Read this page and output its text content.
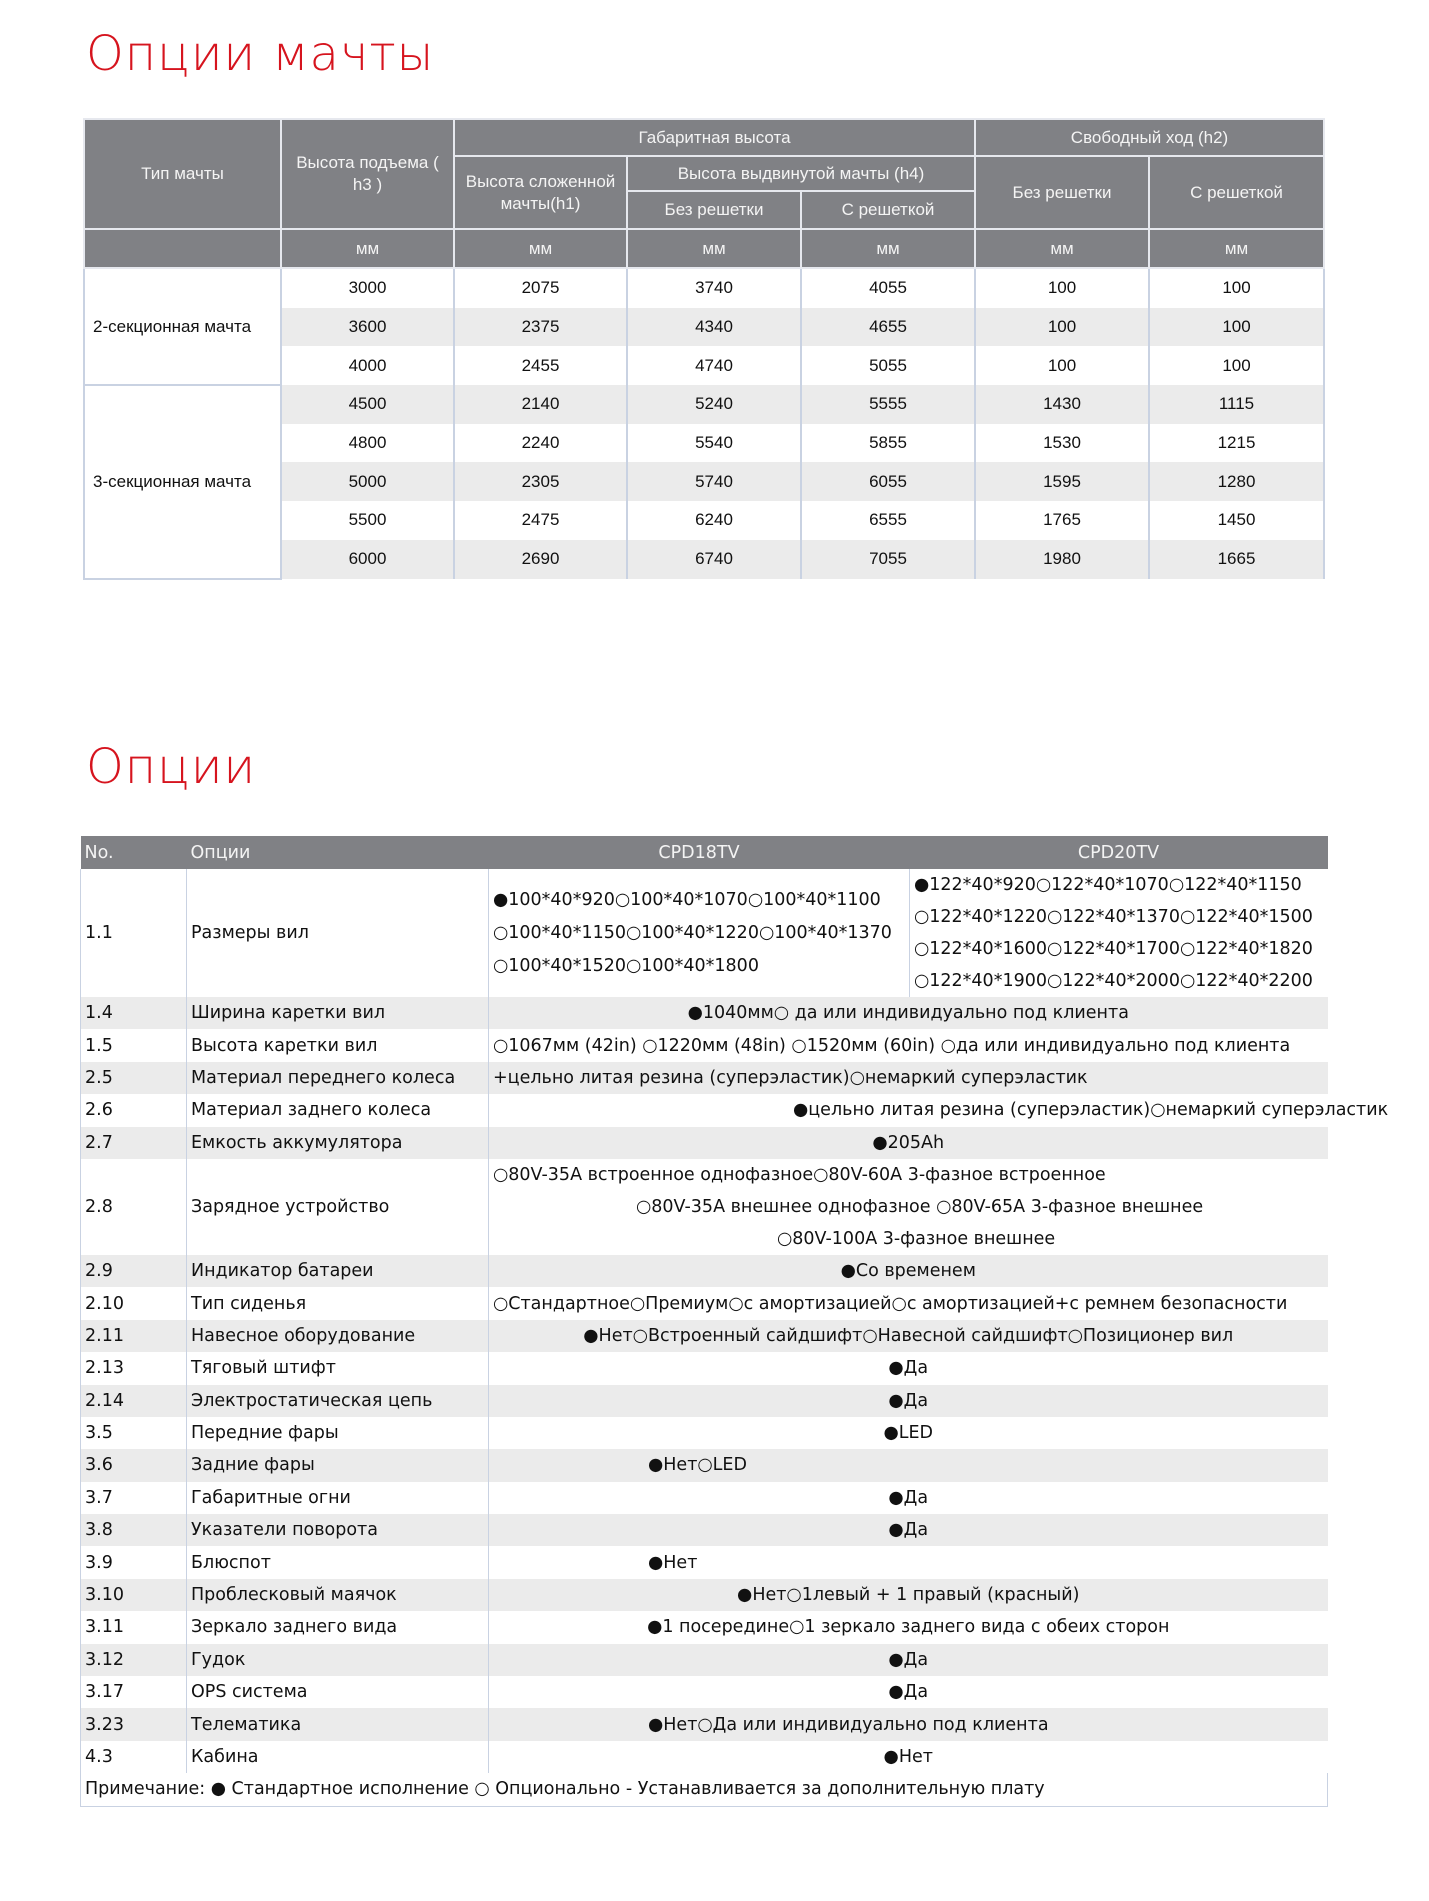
Опции мачты
Тип мачты	Высота подъема ( h3 )	Габаритная высота			Свободный ход (h2)	
		Высота сложенной мачты(h1)	Высота выдвинутой мачты (h4)		Без решетки	С решеткой
			Без решетки	С решеткой		
	мм	мм	мм	мм	мм	мм
2-секционная мачта	3000	2075	3740	4055	100	100
	3600	2375	4340	4655	100	100
	4000	2455	4740	5055	100	100
3-секционная мачта	4500	2140	5240	5555	1430	1115
	4800	2240	5540	5855	1530	1215
	5000	2305	5740	6055	1595	1280
	5500	2475	6240	6555	1765	1450
	6000	2690	6740	7055	1980	1665
Опции
No.	Опции	CPD18TV	CPD20TV
1.1	Размеры вил	●100*40*920○100*40*1070○100*40*1100
○100*40*1150○100*40*1220○100*40*1370
○100*40*1520○100*40*1800	●122*40*920○122*40*1070○122*40*1150
○122*40*1220○122*40*1370○122*40*1500
○122*40*1600○122*40*1700○122*40*1820
○122*40*1900○122*40*2000○122*40*2200

1.4	Ширина каретки вил	●1040мм○ да или индивидуально под клиента	
1.5	Высота каретки вил	○1067мм (42in) ○1220мм (48in) ○1520мм (60in) ○да или индивидуально под клиента	
2.5	Материал переднего колеса	+цельно литая резина (суперэластик)○немаркий суперэластик	
2.6	Материал заднего колеса	●цельно литая резина (суперэластик)○немаркий суперэластик	
2.7	Емкость аккумулятора	●205Ah	
2.8	Зарядное устройство	○80V-35A встроенное однофазное○80V-60A 3-фазное встроенное
○80V-35A внешнее однофазное ○80V-65A 3-фазное внешнее
○80V-100A 3-фазное внешнее	

2.9	Индикатор батареи	●Со временем	
2.10	Тип сиденья	○Стандартное○Премиум○с амортизацией○с амортизацией+с ремнем безопасности	
2.11	Навесное оборудование	●Нет○Встроенный сайдшифт○Навесной сайдшифт○Позиционер вил	
2.13	Тяговый штифт	●Да	
2.14	Электростатическая цепь	●Да	
3.5	Передние фары	●LED	
3.6	Задние фары	●Нет○LED	
3.7	Габаритные огни	●Да	
3.8	Указатели поворота	●Да	
3.9	Блюспот	●Нет	
3.10	Проблесковый маячок	●Нет○1левый + 1 правый (красный)	
3.11	Зеркало заднего вида	●1 посередине○1 зеркало заднего вида с обеих сторон	
3.12	Гудок	●Да	
3.17	OPS система	●Да	
3.23	Телематика	●Нет○Да или индивидуально под клиента	
4.3	Кабина	●Нет	
Примечание: ● Стандартное исполнение ○ Опционально - Устанавливается за дополнительную плату			
